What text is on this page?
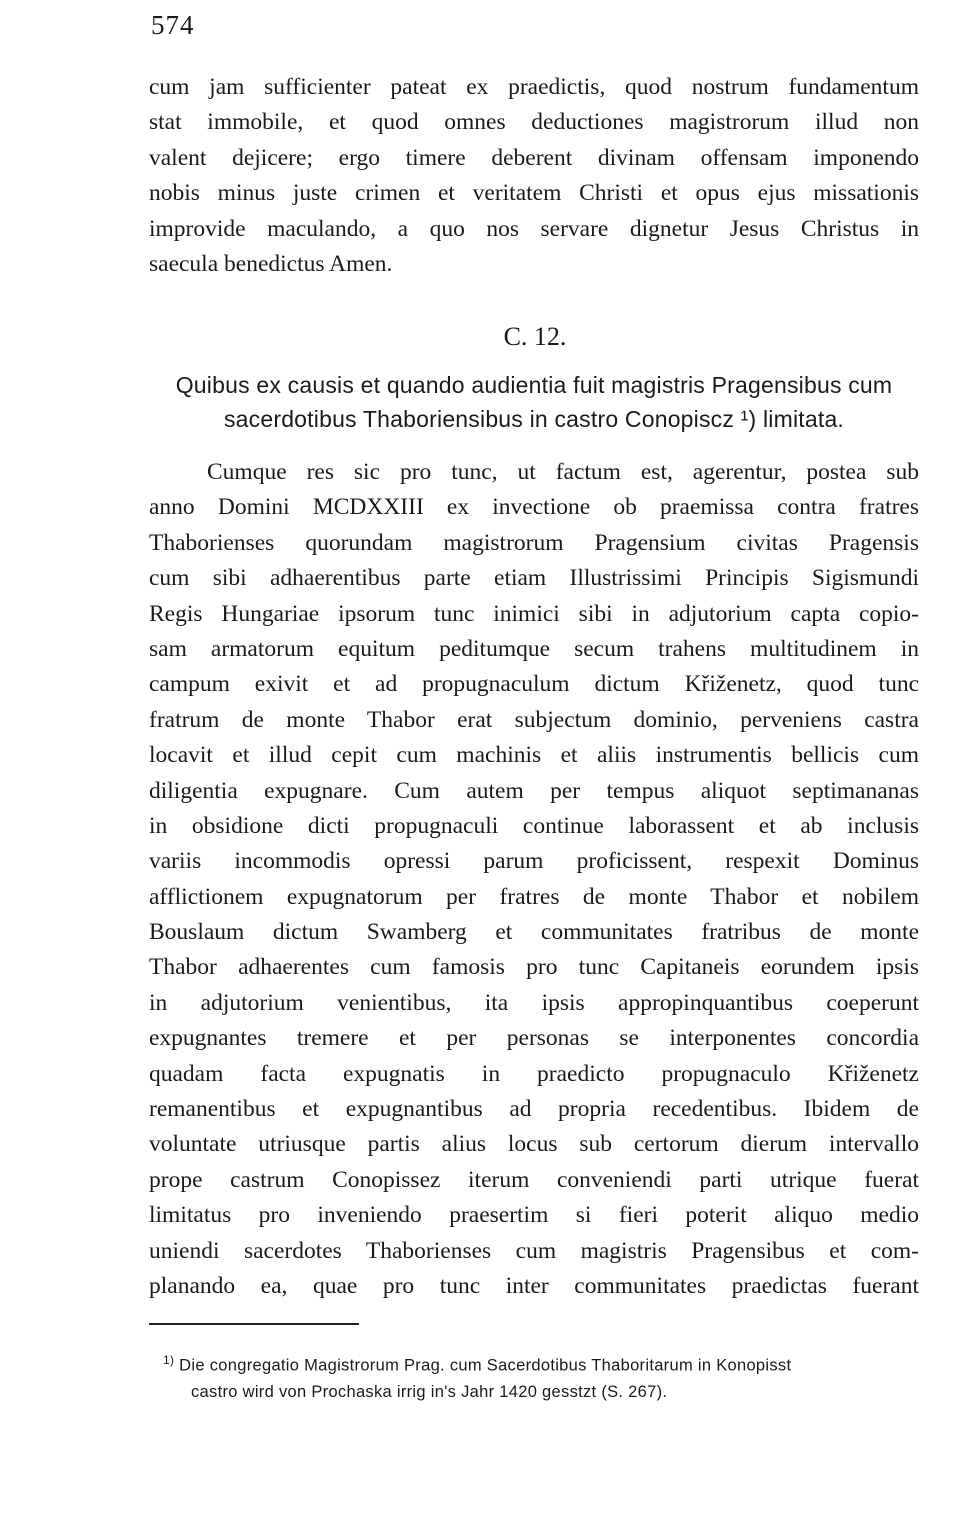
574
cum jam sufficienter pateat ex praedictis, quod nostrum fundamentum
stat immobile, et quod omnes deductiones magistrorum illud non
valent dejicere; ergo timere deberent divinam offensam imponendo
nobis minus juste crimen et veritatem Christi et opus ejus missationis
improvide maculando, a quo nos servare dignetur Jesus Christus in
saecula benedictus Amen.
C. 12.
Quibus ex causis et quando audientia fuit magistris Pragensibus cum
sacerdotibus Thaboriensibus in castro Conopiscz ¹) limitata.
Cumque res sic pro tunc, ut factum est, agerentur, postea sub
anno Domini MCDXXIII ex invectione ob praemissa contra fratres
Thaborienses quorundam magistrorum Pragensium civitas Pragensis
cum sibi adhaerentibus parte etiam Illustrissimi Principis Sigismundi
Regis Hungariae ipsorum tunc inimici sibi in adjutorium capta copio-
sam armatorum equitum peditumque secum trahens multitudinem in
campum exivit et ad propugnaculum dictum Křiženetz, quod tunc
fratrum de monte Thabor erat subjectum dominio, perveniens castra
locavit et illud cepit cum machinis et aliis instrumentis bellicis cum
diligentia expugnare. Cum autem per tempus aliquot septimananas
in obsidione dicti propugnaculi continue laborassent et ab inclusis
variis incommodis opressi parum proficissent, respexit Dominus
afflictionem expugnatorum per fratres de monte Thabor et nobilem
Bouslaum dictum Swamberg et communitates fratribus de monte
Thabor adhaerentes cum famosis pro tunc Capitaneis eorundem ipsis
in adjutorium venientibus, ita ipsis appropinquantibus coeperunt
expugnantes tremere et per personas se interponentes concordia
quadam facta expugnatis in praedicto propugnaculo Křiženetz
remanentibus et expugnantibus ad propria recedentibus. Ibidem de
voluntate utriusque partis alius locus sub certorum dierum intervallo
prope castrum Conopissez iterum conveniendi parti utrique fuerat
limitatus pro inveniendo praesertim si fieri poterit aliquo medio
uniendi sacerdotes Thaborienses cum magistris Pragensibus et com-
planando ea, quae pro tunc inter communitates praedictas fuerant
$^{1)}$ Die congregatio Magistrorum Prag. cum Sacerdotibus Thaboritarum in Konopisst
castro wird von Prochaska irrig in's Jahr 1420 gesstzt (S. 267).
